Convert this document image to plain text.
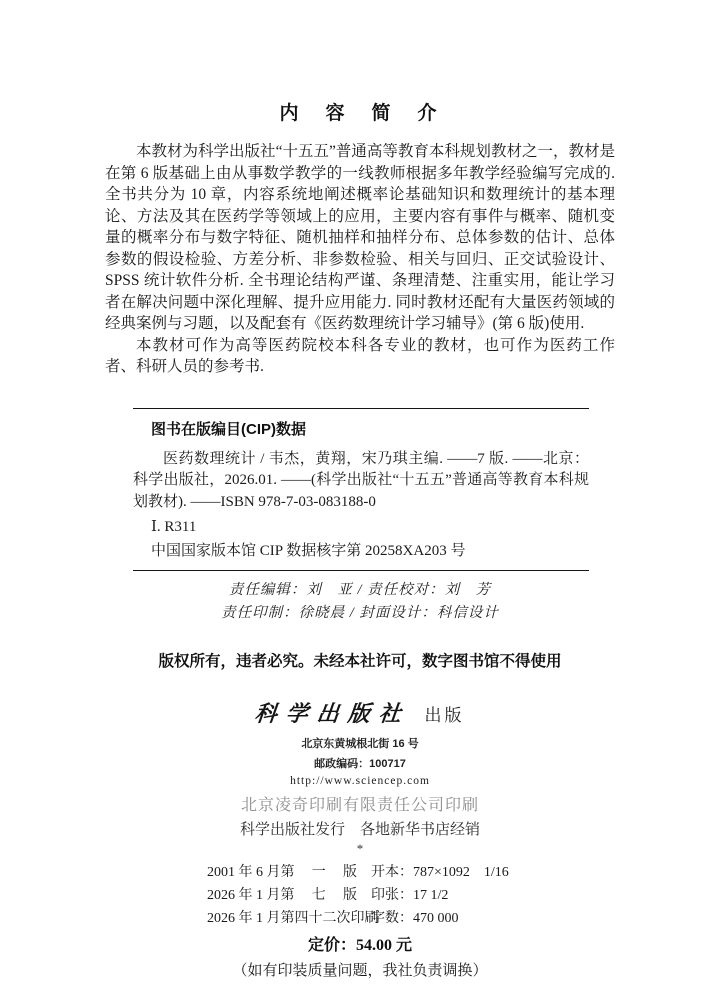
内　容　简　介

本教材为科学出版社“十五五”普通高等教育本科规划教材之一，教材是在第 6 版基础上由从事数学教学的一线教师根据多年教学经验编写完成的. 全书共分为 10 章，内容系统地阐述概率论基础知识和数理统计的基本理论、方法及其在医药学等领域上的应用，主要内容有事件与概率、随机变量的概率分布与数字特征、随机抽样和抽样分布、总体参数的估计、总体参数的假设检验、方差分析、非参数检验、相关与回归、正交试验设计、SPSS 统计软件分析. 全书理论结构严谨、条理清楚、注重实用，能让学习者在解决问题中深化理解、提升应用能力. 同时教材还配有大量医药领域的经典案例与习题，以及配套有《医药数理统计学习辅导》(第 6 版)使用.

本教材可作为高等医药院校本科各专业的教材，也可作为医药工作者、科研人员的参考书.

图书在版编目(CIP)数据

医药数理统计 / 韦杰，黄翔，宋乃琪主编. ——7 版. ——北京：科学出版社，2026.01. ——(科学出版社“十五五”普通高等教育本科规划教材). ——ISBN 978-7-03-083188-0

Ⅰ. R311
中国国家版本馆 CIP 数据核字第 20258XA203 号
责任编辑：刘　亚 / 责任校对：刘　芳
责任印制：徐晓晨 / 封面设计：科信设计
版权所有，违者必究。未经本社许可，数字图书馆不得使用
科学出版社 出版
北京东黄城根北街 16 号
邮政编码：100717
http://www.sciencep.com
北京凌奇印刷有限责任公司印刷
科学出版社发行　各地新华书店经销
*
2001 年 6 月第 一 版 开本：787×1092　1/16
2026 年 1 月第 七 版 印张：17 1/2
2026 年 1 月第四十二次印刷
字数：470 000
定价：54.00 元
（如有印装质量问题，我社负责调换）
